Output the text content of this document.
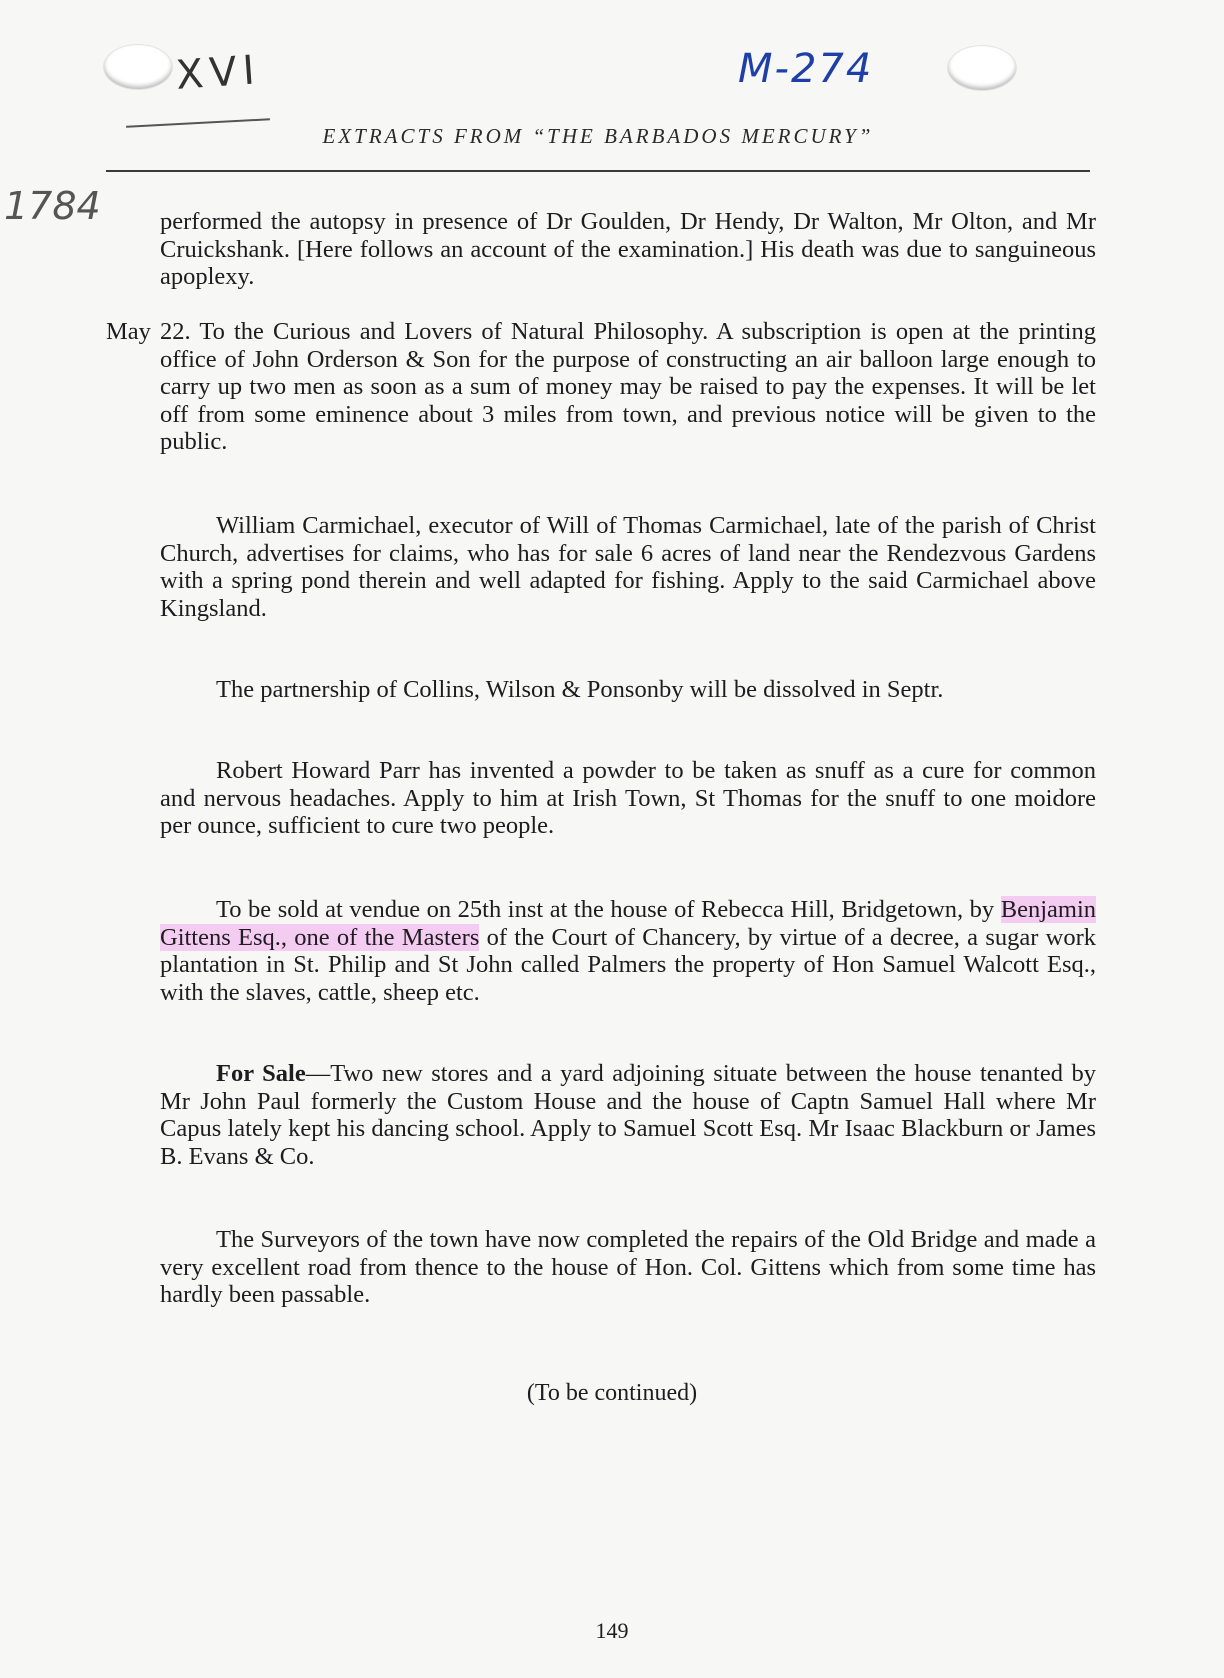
XVI	M-274
1784
EXTRACTS FROM “THE BARBADOS MERCURY”

performed the autopsy in presence of Dr Goulden, Dr Hendy, Dr Walton, Mr Olton, and Mr Cruickshank. [Here follows an account of the examination.] His death was due to sanguineous apoplexy.

May 22. To the Curious and Lovers of Natural Philosophy. A subscription is open at the printing office of John Orderson & Son for the purpose of constructing an air balloon large enough to carry up two men as soon as a sum of money may be raised to pay the expenses. It will be let off from some eminence about 3 miles from town, and previous notice will be given to the public.

William Carmichael, executor of Will of Thomas Carmichael, late of the parish of Christ Church, advertises for claims, who has for sale 6 acres of land near the Rendezvous Gardens with a spring pond therein and well adapted for fishing. Apply to the said Carmichael above Kingsland.

The partnership of Collins, Wilson & Ponsonby will be dissolved in Septr.

Robert Howard Parr has invented a powder to be taken as snuff as a cure for common and nervous headaches. Apply to him at Irish Town, St Thomas for the snuff to one moidore per ounce, sufficient to cure two people.

To be sold at vendue on 25th inst at the house of Rebecca Hill, Bridgetown, by Benjamin Gittens Esq., one of the Masters of the Court of Chancery, by virtue of a decree, a sugar work plantation in St. Philip and St John called Palmers the property of Hon Samuel Walcott Esq., with the slaves, cattle, sheep etc.

For Sale—Two new stores and a yard adjoining situate between the house tenanted by Mr John Paul formerly the Custom House and the house of Captn Samuel Hall where Mr Capus lately kept his dancing school. Apply to Samuel Scott Esq. Mr Isaac Blackburn or James B. Evans & Co.

The Surveyors of the town have now completed the repairs of the Old Bridge and made a very excellent road from thence to the house of Hon. Col. Gittens which from some time has hardly been passable.

(To be continued)
149
